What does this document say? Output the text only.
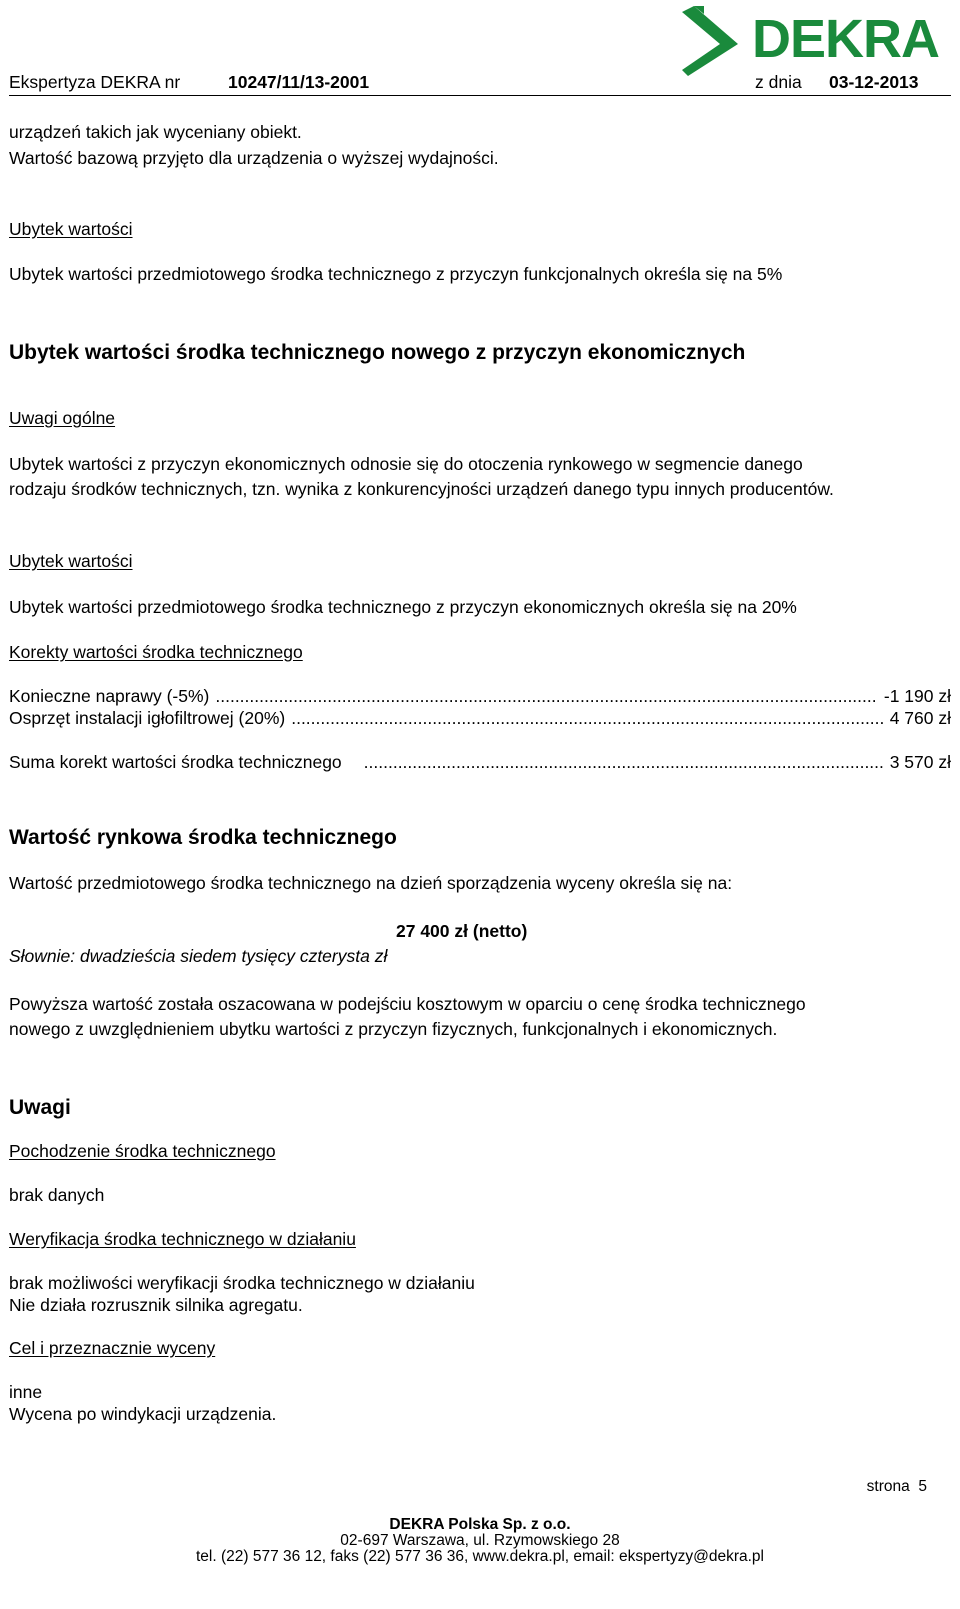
DEKRA
Ekspertyza DEKRA nr	10247/11/13-2001	z dnia 03-12-2013
urządzeń takich jak wyceniany obiekt.
Wartość bazową przyjęto dla urządzenia o wyższej wydajności.
Ubytek wartości
Ubytek wartości przedmiotowego środka technicznego z przyczyn funkcjonalnych określa się na 5%
Ubytek wartości środka technicznego nowego z przyczyn ekonomicznych
Uwagi ogólne
Ubytek wartości z przyczyn ekonomicznych odnosie się do otoczenia rynkowego w segmencie danego
rodzaju środków technicznych, tzn. wynika z konkurencyjności urządzeń danego typu innych producentów.
Ubytek wartości
Ubytek wartości przedmiotowego środka technicznego z przyczyn ekonomicznych określa się na 20%
Korekty wartości środka technicznego
Konieczne naprawy (-5%) .....	-1 190 zł
Osprzęt instalacji igłofiltrowej (20%) .....	4 760 zł
Suma korekt wartości środka technicznego .....	3 570 zł
Wartość rynkowa środka technicznego
Wartość przedmiotowego środka technicznego na dzień sporządzenia wyceny określa się na:
27 400 zł (netto)
Słownie: dwadzieścia siedem tysięcy czterysta zł
Powyższa wartość została oszacowana w podejściu kosztowym w oparciu o cenę środka technicznego
nowego z uwzględnieniem ubytku wartości z przyczyn fizycznych, funkcjonalnych i ekonomicznych.
Uwagi
Pochodzenie środka technicznego
brak danych
Weryfikacja środka technicznego w działaniu
brak możliwości weryfikacji środka technicznego w działaniu
Nie działa rozrusznik silnika agregatu.
Cel i przeznacznie wyceny
inne
Wycena po windykacji urządzenia.
strona 5
DEKRA Polska Sp. z o.o.
02-697 Warszawa, ul. Rzymowskiego 28
tel. (22) 577 36 12, faks (22) 577 36 36, www.dekra.pl, email: ekspertyzy@dekra.pl
